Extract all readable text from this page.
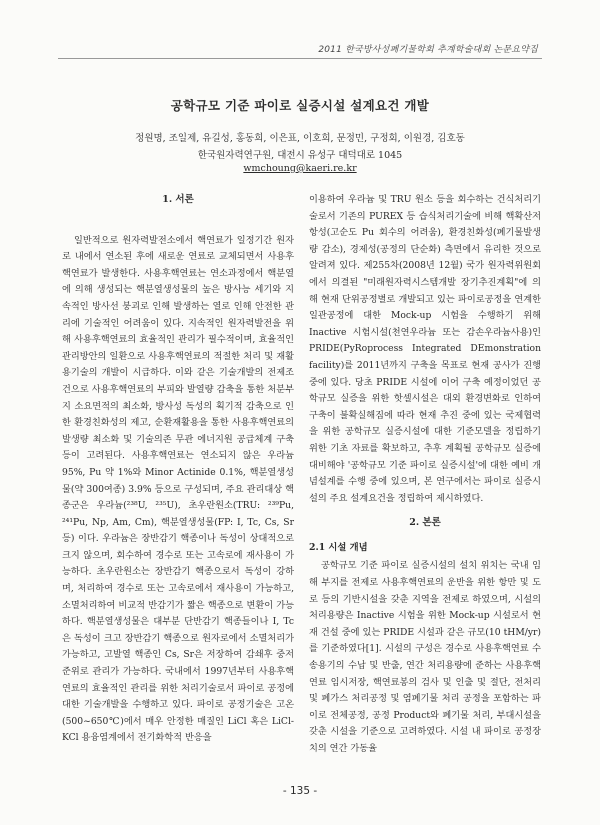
2011 한국방사성폐기물학회 추계학술대회 논문요약집
공학규모 기준 파이로 실증시설 설계요건 개발
정원명, 조일제, 유길성, 홍동희, 이은표, 이호희, 문정민, 구정회, 이원경, 김호동
한국원자력연구원, 대전시 유성구 대덕대로 1045
wmchoung@kaeri.re.kr
1. 서론

일반적으로 원자력발전소에서 핵연료가 일정기간 원자로 내에서 연소된 후에 새로운 연료로 교체되면서 사용후핵연료가 발생한다. 사용후핵연료는 연소과정에서 핵분열에 의해 생성되는 핵분열생성물의 높은 방사능 세기와 지속적인 방사선 붕괴로 인해 발생하는 열로 인해 안전한 관리에 기술적인 어려움이 있다. 지속적인 원자력발전을 위해 사용후핵연료의 효율적인 관리가 필수적이며, 효율적인 관리방안의 일환으로 사용후핵연료의 적절한 처리 및 재활용기술의 개발이 시급하다. 이와 같은 기술개발의 전제조건으로 사용후핵연료의 부피와 발열량 감축을 통한 처분부지 소요면적의 최소화, 방사성 독성의 획기적 감축으로 인한 환경친화성의 제고, 순환재활용을 통한 사용후핵연료의 발생량 최소화 및 기술의존 무관 에너지원 공급체계 구축 등이 고려된다. 사용후핵연료는 연소되지 않은 우라늄 95%, Pu 약 1%와 Minor Actinide 0.1%, 핵분열생성물(약 300여종) 3.9% 등으로 구성되며, 주요 관리대상 핵종군은 우라늄(²³⁸U, ²³⁵U), 초우란원소(TRU: ²³⁹Pu, ²⁴¹Pu, Np, Am, Cm), 핵분열생성물(FP: I, Tc, Cs, Sr 등) 이다. 우라늄은 장반감기 핵종이나 독성이 상대적으로 크지 않으며, 회수하여 경수로 또는 고속로에 재사용이 가능하다. 초우란원소는 장반감기 핵종으로서 독성이 강하며, 처리하여 경수로 또는 고속로에서 재사용이 가능하고, 소멸처리하여 비교적 반감기가 짧은 핵종으로 변환이 가능하다. 핵분열생성물은 대부분 단반감기 핵종들이나 I, Tc은 독성이 크고 장반감기 핵종으로 원자로에서 소멸처리가 가능하고, 고발열 핵종인 Cs, Sr은 저장하여 감쇄후 중저준위로 관리가 가능하다. 국내에서 1997년부터 사용후핵연료의 효율적인 관리를 위한 처리기술로서 파이로 공정에 대한 기술개발을 수행하고 있다. 파이로 공정기술은 고온(500~650℃)에서 매우 안정한 매질인 LiCl 혹은 LiCl-KCl 용융염계에서 전기화학적 반응을

이용하여 우라늄 및 TRU 원소 등을 회수하는 건식처리기술로서 기존의 PUREX 등 습식처리기술에 비해 핵확산저항성(고순도 Pu 회수의 어려움), 환경친화성(폐기물발생량 감소), 경제성(공정의 단순화) 측면에서 유리한 것으로 알려져 있다. 제255차(2008년 12월) 국가 원자력위원회에서 의결된 "미래원자력시스템개발 장기추진계획"에 의해 현재 단위공정별로 개발되고 있는 파이로공정을 연계한 일관공정에 대한 Mock-up 시험을 수행하기 위해 Inactive 시험시설(천연우라늄 또는 감손우라늄사용)인 PRIDE(PyRoprocess Integrated DEmonstration facility)를 2011년까지 구축을 목표로 현재 공사가 진행 중에 있다. 당초 PRIDE 시설에 이어 구축 예정이었던 공학규모 실증을 위한 핫셀시설은 대외 환경변화로 인하여 구축이 불확실해짐에 따라 현재 추진 중에 있는 국제협력을 위한 공학규모 실증시설에 대한 기준모델을 정립하기 위한 기초 자료를 확보하고, 추후 계획될 공학규모 실증에 대비해야 '공학규모 기준 파이로 실증시설'에 대한 예비 개념설계를 수행 중에 있으며, 본 연구에서는 파이로 실증시설의 주요 설계요건을 정립하여 제시하였다.

2. 본론
2.1 시설 개념

공학규모 기준 파이로 실증시설의 설치 위치는 국내 임해 부지를 전제로 사용후핵연료의 운반을 위한 항만 및 도로 등의 기반시설을 갖춘 지역을 전제로 하였으며, 시설의 처리용량은 Inactive 시험을 위한 Mock-up 시설로서 현재 건설 중에 있는 PRIDE 시설과 같은 규모(10 tHM/yr)를 기준하였다[1]. 시설의 구성은 경수로 사용후핵연료 수송용기의 수납 및 반출, 연간 처리용량에 준하는 사용후핵연료 임시저장, 핵연료봉의 검사 및 인출 및 절단, 전처리 및 폐가스 처리공정 및 염폐기물 처리 공정을 포함하는 파이로 전체공정, 공정 Product와 폐기물 처리, 부대시설을 갖춘 시설을 기준으로 고려하였다. 시설 내 파이로 공정장치의 연간 가동율

- 135 -
